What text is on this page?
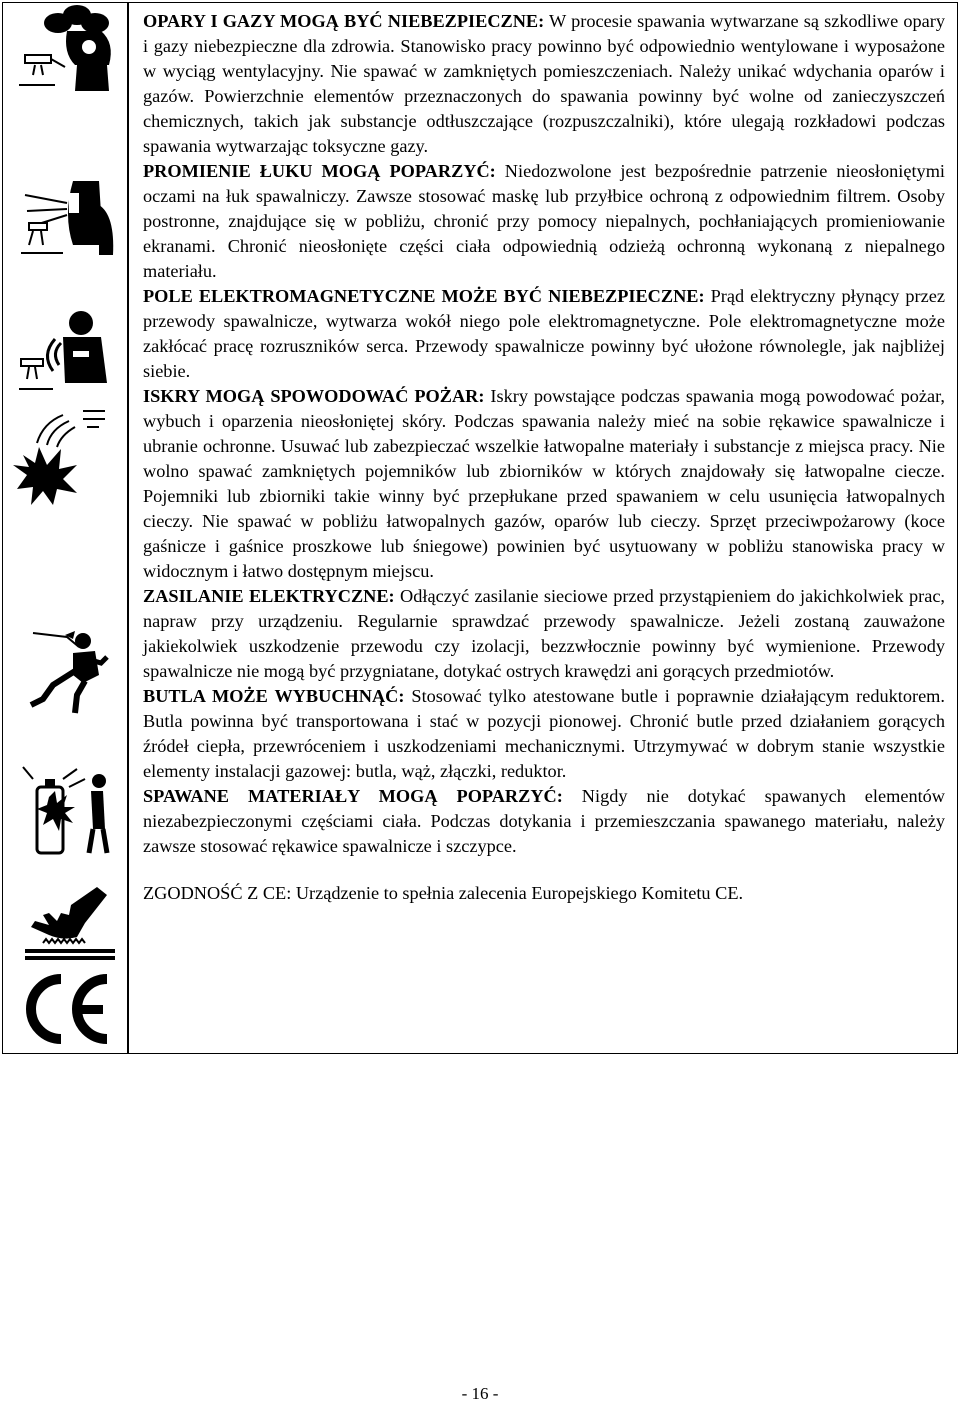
OPARY I GAZY MOGĄ BYĆ NIEBEZPIECZNE: W procesie spawania wytwarzane są szkodliwe opary i gazy niebezpieczne dla zdrowia. Stanowisko pracy powinno być odpowiednio wentylowane i wyposażone w wyciąg wentylacyjny. Nie spawać w zamkniętych pomieszczeniach. Należy unikać wdychania oparów i gazów. Powierzchnie elementów przeznaczonych do spawania powinny być wolne od zanieczyszczeń chemicznych, takich jak substancje odtłuszczające (rozpuszczalniki), które ulegają rozkładowi podczas spawania wytwarzając toksyczne gazy.

PROMIENIE ŁUKU MOGĄ POPARZYĆ: Niedozwolone jest bezpośrednie patrzenie nieosłoniętymi oczami na łuk spawalniczy. Zawsze stosować maskę lub przyłbice ochroną z odpowiednim filtrem. Osoby postronne, znajdujące się w pobliżu, chronić przy pomocy niepalnych, pochłaniających promieniowanie ekranami. Chronić nieosłonięte części ciała odpowiednią odzieżą ochronną wykonaną z niepalnego materiału.

POLE ELEKTROMAGNETYCZNE MOŻE BYĆ NIEBEZPIECZNE: Prąd elektryczny płynący przez przewody spawalnicze, wytwarza wokół niego pole elektromagnetyczne. Pole elektromagnetyczne może zakłócać pracę rozruszników serca. Przewody spawalnicze powinny być ułożone równolegle, jak najbliżej siebie.

ISKRY MOGĄ SPOWODOWAĆ POŻAR: Iskry powstające podczas spawania mogą powodować pożar, wybuch i oparzenia nieosłoniętej skóry. Podczas spawania należy mieć na sobie rękawice spawalnicze i ubranie ochronne. Usuwać lub zabezpieczać wszelkie łatwopalne materiały i substancje z miejsca pracy. Nie wolno spawać zamkniętych pojemników lub zbiorników w których znajdowały się łatwopalne ciecze. Pojemniki lub zbiorniki takie winny być przepłukane przed spawaniem w celu usunięcia łatwopalnych cieczy. Nie spawać w pobliżu łatwopalnych gazów, oparów lub cieczy. Sprzęt przeciwpożarowy (koce gaśnicze i gaśnice proszkowe lub śniegowe) powinien być usytuowany w pobliżu stanowiska pracy w widocznym i łatwo dostępnym miejscu.

ZASILANIE ELEKTRYCZNE: Odłączyć zasilanie sieciowe przed przystąpieniem do jakichkolwiek prac, napraw przy urządzeniu. Regularnie sprawdzać przewody spawalnicze. Jeżeli zostaną zauważone jakiekolwiek uszkodzenie przewodu czy izolacji, bezzwłocznie powinny być wymienione. Przewody spawalnicze nie mogą być przygniatane, dotykać ostrych krawędzi ani gorących przedmiotów.

BUTLA MOŻE WYBUCHNĄĆ: Stosować tylko atestowane butle i poprawnie działającym reduktorem. Butla powinna być transportowana i stać w pozycji pionowej. Chronić butle przed działaniem gorących źródeł ciepła, przewróceniem i uszkodzeniami mechanicznymi. Utrzymywać w dobrym stanie wszystkie elementy instalacji gazowej: butla, wąż, złączki, reduktor.

SPAWANE MATERIAŁY MOGĄ POPARZYĆ: Nigdy nie dotykać spawanych elementów niezabezpieczonymi częściami ciała. Podczas dotykania i przemieszczania spawanego materiału, należy zawsze stosować rękawice spawalnicze i szczypce.

ZGODNOŚĆ Z CE: Urządzenie to spełnia zalecenia Europejskiego Komitetu CE.

- 16 -
